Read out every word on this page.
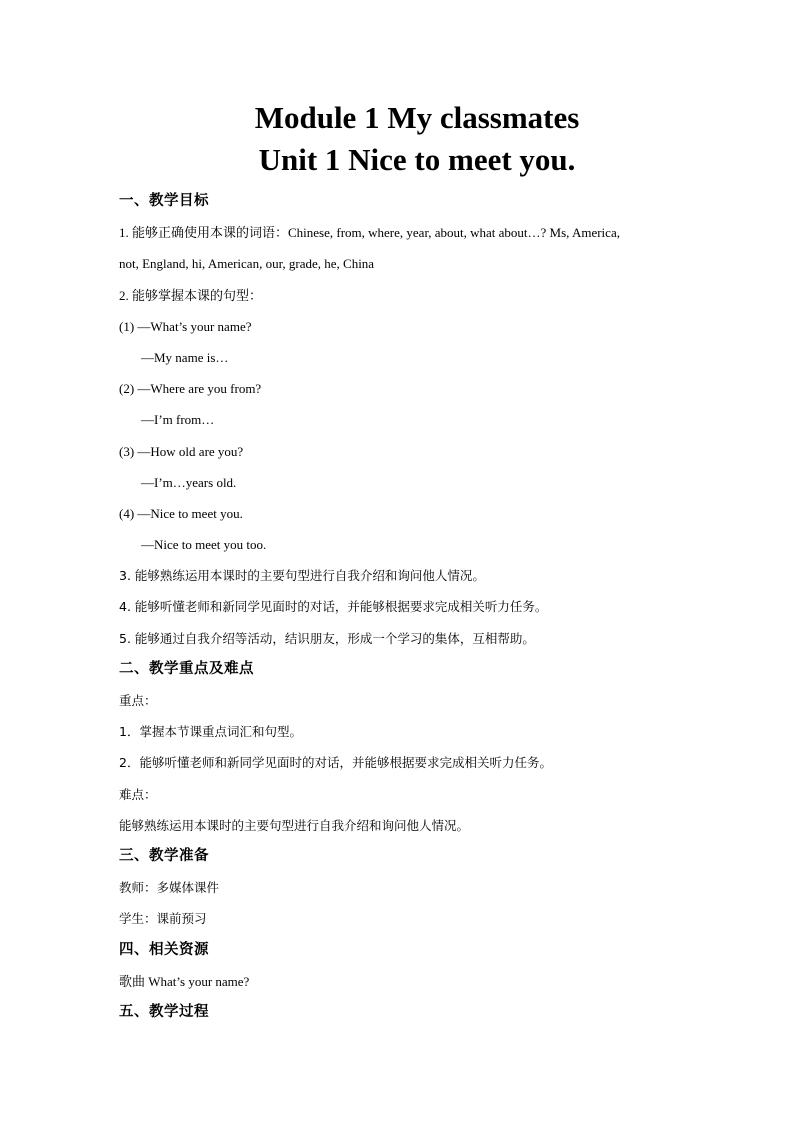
Module 1 My classmates
Unit 1 Nice to meet you.
一、教学目标
1. 能够正确使用本课的词语：Chinese, from, where, year, about, what about…? Ms, America,
not, England, hi, American, our, grade, he, China
2. 能够掌握本课的句型：
(1) —What’s your name?
—My name is…
(2) —Where are you from?
—I’m from…
(3) —How old are you?
—I’m…years old.
(4) —Nice to meet you.
—Nice to meet you too.
3. 能够熟练运用本课时的主要句型进行自我介绍和询问他人情况。
4. 能够听懂老师和新同学见面时的对话，并能够根据要求完成相关听力任务。
5. 能够通过自我介绍等活动，结识朋友，形成一个学习的集体，互相帮助。
二、教学重点及难点
重点：
1．掌握本节课重点词汇和句型。
2．能够听懂老师和新同学见面时的对话，并能够根据要求完成相关听力任务。
难点：
能够熟练运用本课时的主要句型进行自我介绍和询问他人情况。
三、教学准备
教师：多媒体课件
学生：课前预习
四、相关资源
歌曲 What’s your name?
五、教学过程
